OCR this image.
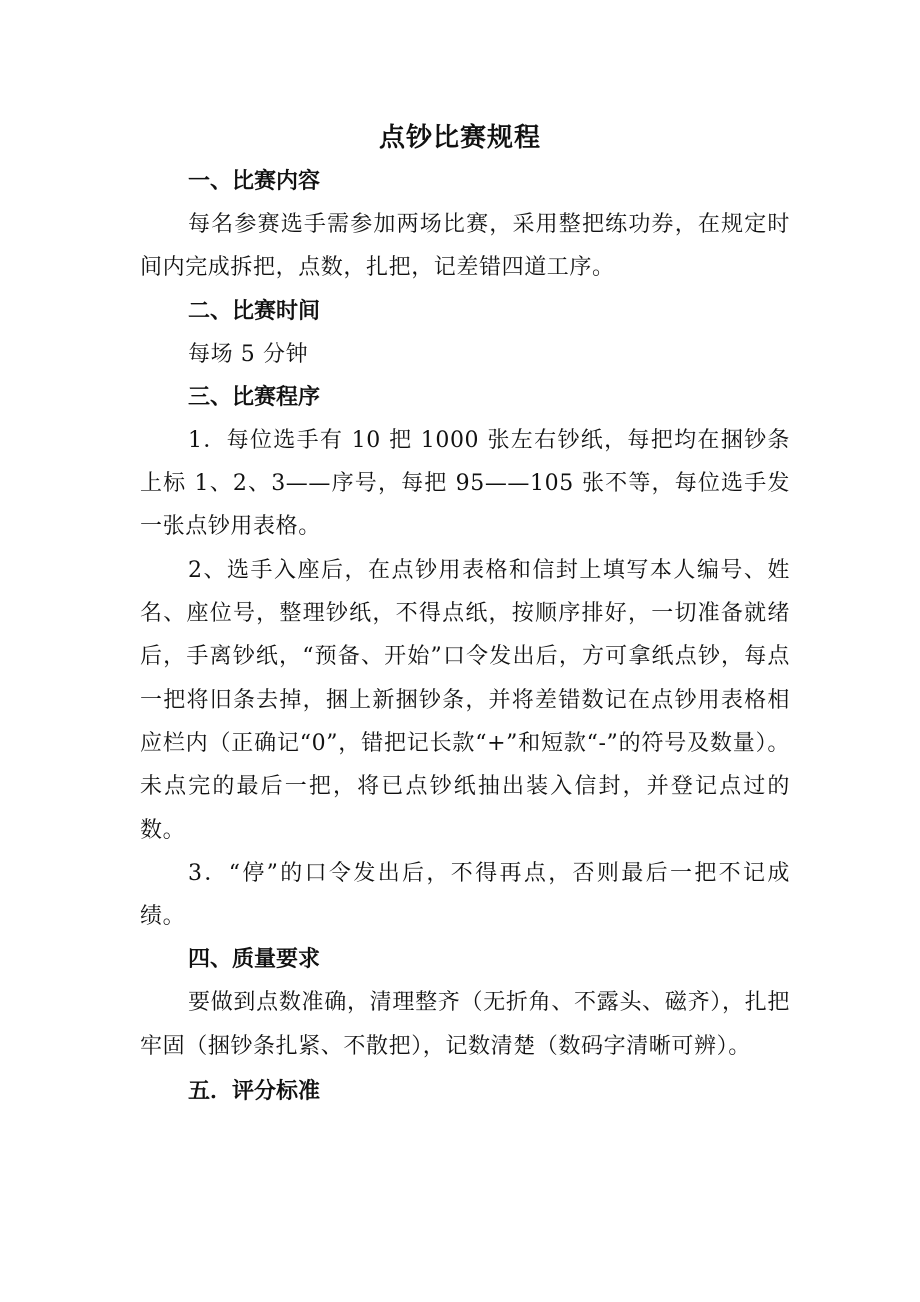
点钞比赛规程
一、比赛内容

每名参赛选手需参加两场比赛，采用整把练功券，在规定时间内完成拆把，点数，扎把，记差错四道工序。

二、比赛时间

每场 5 分钟

三、比赛程序

1．每位选手有 10 把 1000 张左右钞纸，每把均在捆钞条上标 1、2、3——序号，每把 95——105 张不等，每位选手发一张点钞用表格。

2、选手入座后，在点钞用表格和信封上填写本人编号、姓名、座位号，整理钞纸，不得点纸，按顺序排好，一切准备就绪后，手离钞纸，“预备、开始”口令发出后，方可拿纸点钞，每点一把将旧条去掉，捆上新捆钞条，并将差错数记在点钞用表格相应栏内（正确记“0”，错把记长款“+”和短款“-”的符号及数量）。未点完的最后一把，将已点钞纸抽出装入信封，并登记点过的数。

3．“停”的口令发出后，不得再点，否则最后一把不记成绩。

四、质量要求

要做到点数准确，清理整齐（无折角、不露头、磁齐），扎把牢固（捆钞条扎紧、不散把），记数清楚（数码字清晰可辨）。

五．评分标准
